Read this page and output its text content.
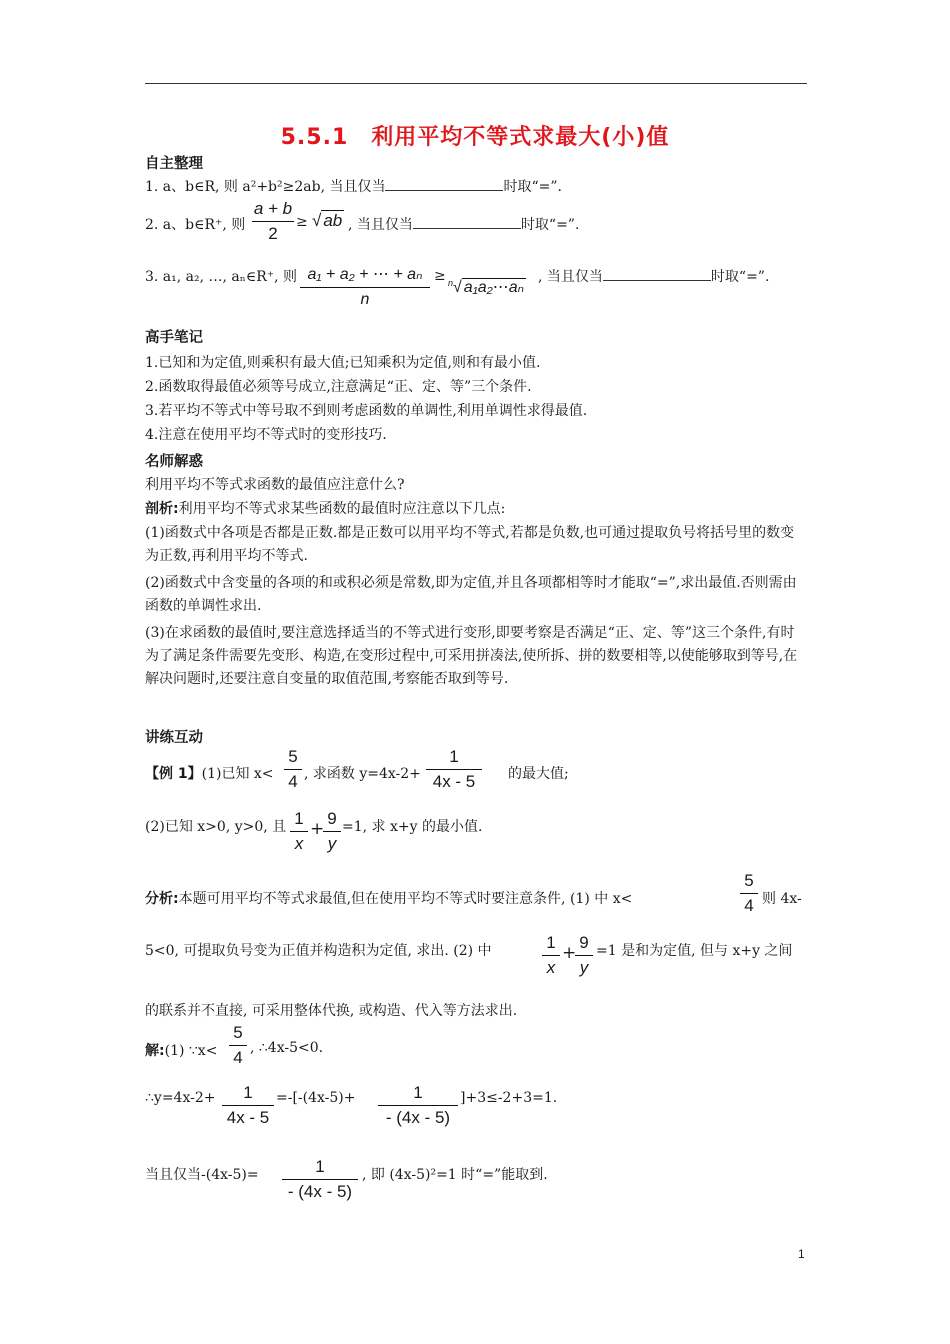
5.5.1　利用平均不等式求最大(小)值
自主整理
1. a、b∈R, 则 a²+b²≥2ab, 当且仅当	时取“=”.
2. a、b∈R⁺, 则
a + b
2
≥ √ ab , 当且仅当	时取“=”.
3. a₁, a₂, …, aₙ∈R⁺, 则 a₁ + a₂ + ⋯ + aₙ
n
≥ $^n$√ a₁a₂⋯aₙ
, 当且仅当	时取“=”.
高手笔记
1.已知和为定值,则乘积有最大值;已知乘积为定值,则和有最小值.
2.函数取得最值必须等号成立,注意满足“正、定、等”三个条件.
3.若平均不等式中等号取不到则考虑函数的单调性,利用单调性求得最值.
4.注意在使用平均不等式时的变形技巧.
名师解惑
利用平均不等式求函数的最值应注意什么?
剖析:利用平均不等式求某些函数的最值时应注意以下几点:
(1)函数式中各项是否都是正数.都是正数可以用平均不等式,若都是负数,也可通过提取负号将括号里的数变为正数,再利用平均不等式.
(2)函数式中含变量的各项的和或积必须是常数,即为定值,并且各项都相等时才能取“=”,求出最值.否则需由函数的单调性求出.
(3)在求函数的最值时,要注意选择适当的不等式进行变形,即要考察是否满足“正、定、等”这三个条件,有时为了满足条件需要先变形、构造,在变形过程中,可采用拼凑法,使所拆、拼的数要相等,以使能够取到等号,在解决问题时,还要注意自变量的取值范围,考察能否取到等号.
讲练互动
【例 1】(1)已知 x<
5
4 , 求函数 y=4x-2+
1
4x - 5	的最大值;
(2)已知 x>0, y>0, 且 1
x
+
9
y
=1, 求 x+y 的最小值.
分析:本题可用平均不等式求最值,但在使用平均不等式时要注意条件, (1) 中 x<
5
4 则 4x-
5<0, 可提取负号变为正值并构造积为定值, 求出. (2) 中	1
x
+
9
y
=1 是和为定值, 但与 x+y 之间
的联系并不直接, 可采用整体代换, 或构造、代入等方法求出.
解:(1) ∵x<
5
4 , ∴4x-5<0.
∴y=4x-2+	1
4x - 5
=-[-(4x-5)+	1
- (4x - 5)
]+3≤-2+3=1.
当且仅当-(4x-5)=	1
- (4x - 5)
, 即 (4x-5)²=1 时“=”能取到.
1
